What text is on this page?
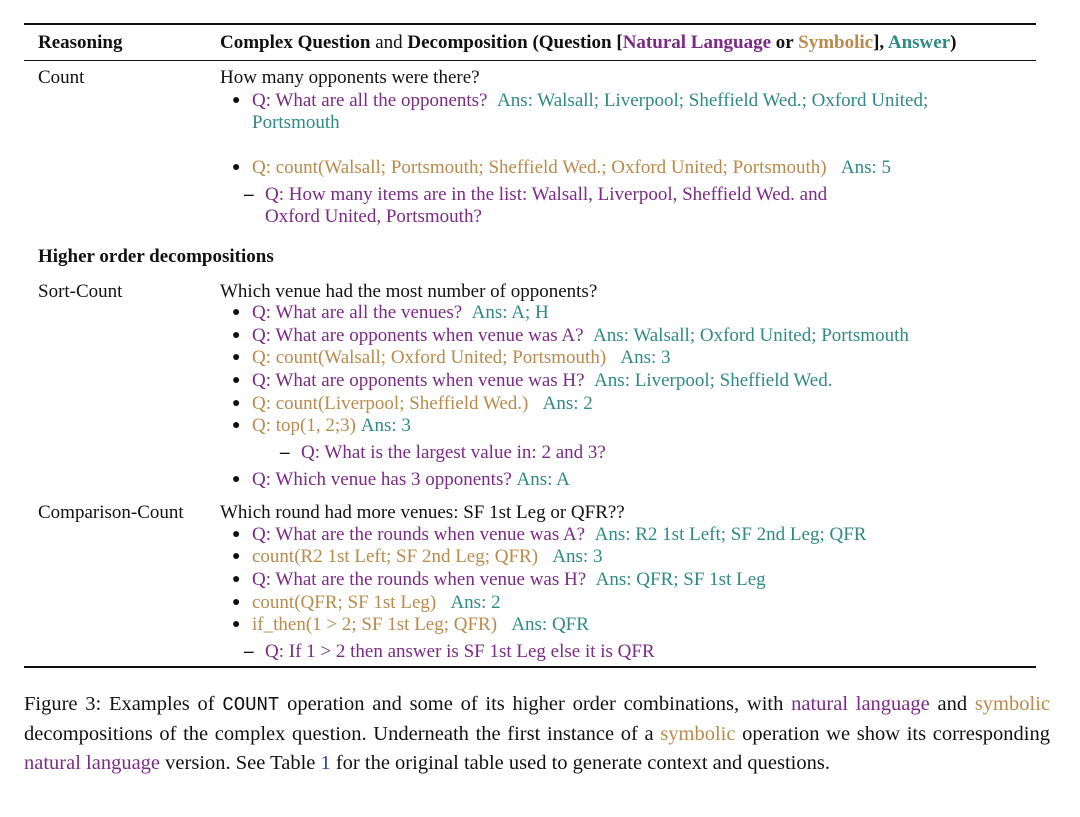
Reasoning	Complex Question and Decomposition (Question [Natural Language or Symbolic], Answer)
Count	How many opponents were there?
● Q: What are all the opponents? Ans: Walsall; Liverpool; Sheffield Wed.; Oxford United;
Portsmouth
● Q: count(Walsall; Portsmouth; Sheffield Wed.; Oxford United; Portsmouth) Ans: 5
– Q: How many items are in the list: Walsall, Liverpool, Sheffield Wed. and
Oxford United, Portsmouth?
Higher order decompositions
Sort-Count	Which venue had the most number of opponents?
● Q: What are all the venues? Ans: A; H
● Q: What are opponents when venue was A? Ans: Walsall; Oxford United; Portsmouth
● Q: count(Walsall; Oxford United; Portsmouth) Ans: 3
● Q: What are opponents when venue was H? Ans: Liverpool; Sheffield Wed.
● Q: count(Liverpool; Sheffield Wed.) Ans: 2
● Q: top(1, 2;3) Ans: 3
– Q: What is the largest value in: 2 and 3?
● Q: Which venue has 3 opponents? Ans: A
Comparison-Count Which round had more venues: SF 1st Leg or QFR??
● Q: What are the rounds when venue was A? Ans: R2 1st Left; SF 2nd Leg; QFR
● count(R2 1st Left; SF 2nd Leg; QFR) Ans: 3
● Q: What are the rounds when venue was H? Ans: QFR; SF 1st Leg
● count(QFR; SF 1st Leg) Ans: 2
● if_then(1 > 2; SF 1st Leg; QFR) Ans: QFR
– Q: If 1 > 2 then answer is SF 1st Leg else it is QFR
Figure 3: Examples of COUNT operation and some of its higher order combinations, with natural language and symbolic decompositions of the complex question. Underneath the first instance of a symbolic operation we show its corresponding natural language version. See Table 1 for the original table used to generate context and questions.
